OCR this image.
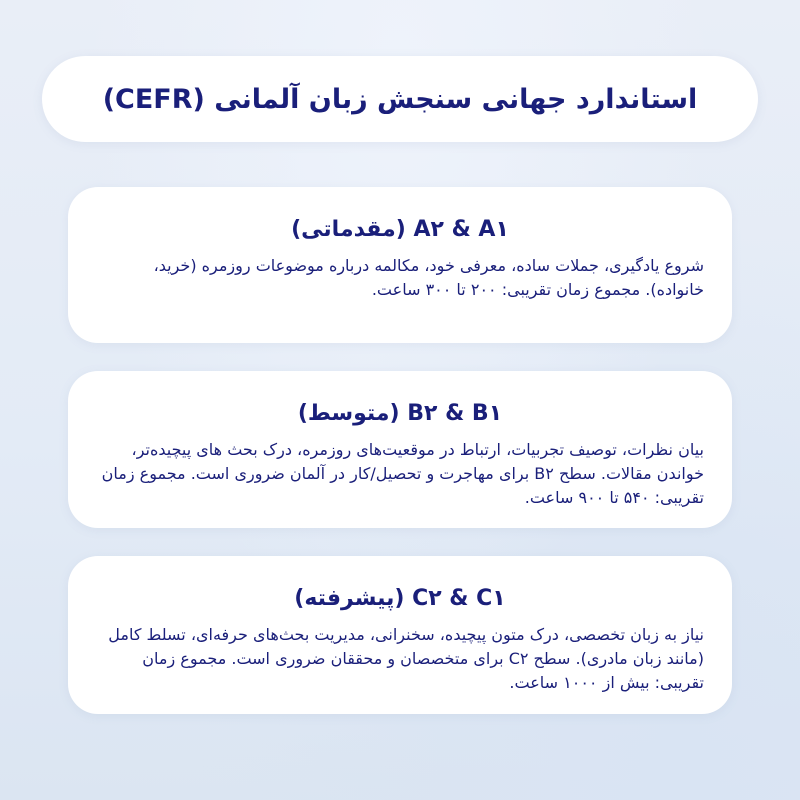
استاندارد جهانی سنجش زبان آلمانی (CEFR)
A۲ & A۱ (مقدماتی)
شروع یادگیری، جملات ساده، معرفی خود، مکالمه درباره موضوعات روزمره (خرید، خانواده). مجموع زمان تقریبی: ۲۰۰ تا ۳۰۰ ساعت.
B۲ & B۱ (متوسط)
بیان نظرات، توصیف تجربیات، ارتباط در موقعیت‌های روزمره، درک بحث های پیچیده‌تر، خواندن مقالات. سطح B۲ برای مهاجرت و تحصیل/کار در آلمان ضروری است. مجموع زمان تقریبی: ۵۴۰ تا ۹۰۰ ساعت.
C۲ & C۱ (پیشرفته)
نیاز به زبان تخصصی، درک متون پیچیده، سخنرانی، مدیریت بحث‌های حرفه‌ای، تسلط کامل (مانند زبان مادری). سطح C۲ برای متخصصان و محققان ضروری است. مجموع زمان تقریبی: بیش از ۱۰۰۰ ساعت.
